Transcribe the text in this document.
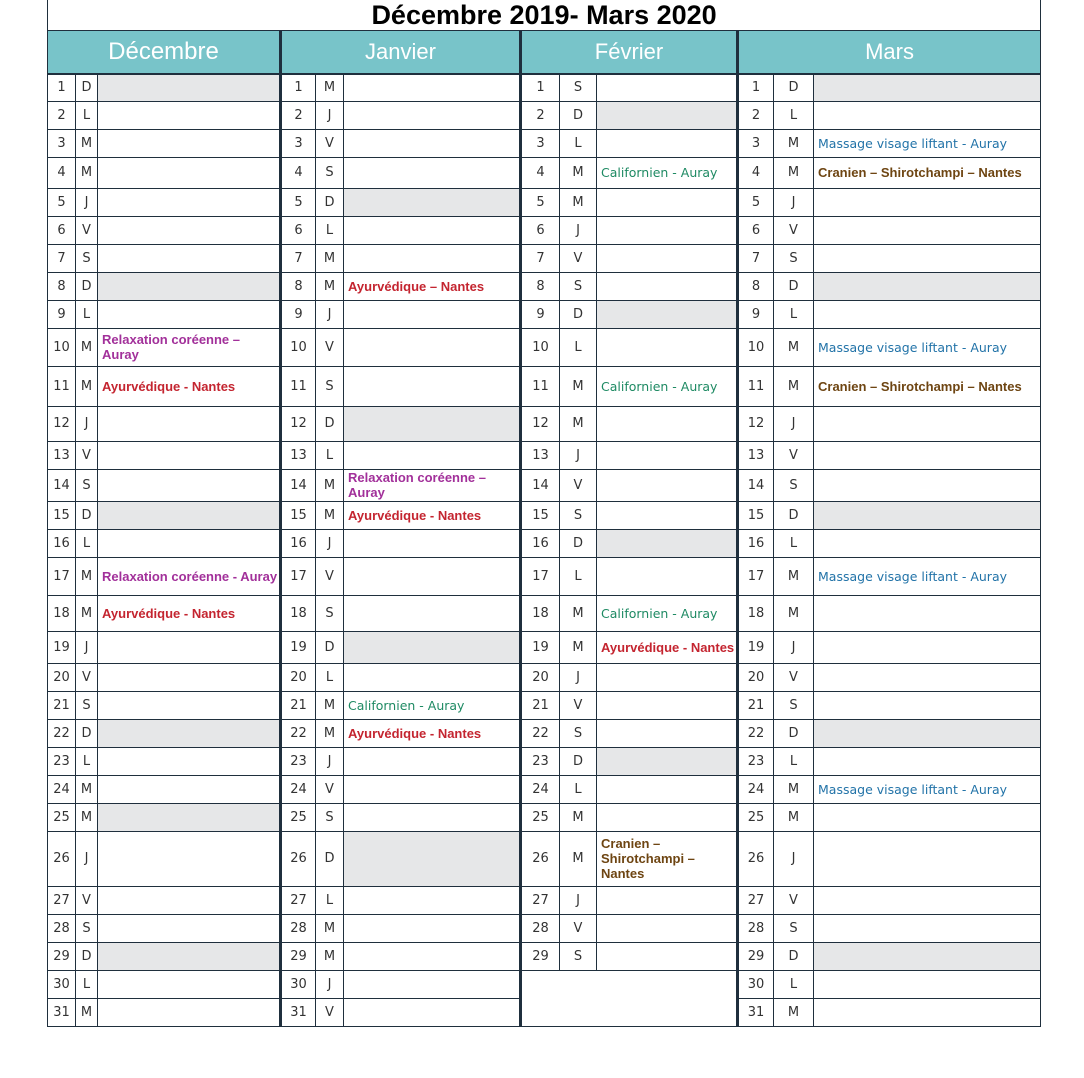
Décembre 2019- Mars 2020											
Décembre			Janvier			Février			Mars		
1	D		1	M		1	S		1	D	
2	L		2	J		2	D		2	L	
3	M		3	V		3	L		3	M	Massage visage liftant - Auray
4	M		4	S		4	M	Californien - Auray	4	M	Cranien – Shirotchampi – Nantes
5	J		5	D		5	M		5	J	
6	V		6	L		6	J		6	V	
7	S		7	M		7	V		7	S	
8	D		8	M	Ayurvédique – Nantes	8	S		8	D	
9	L		9	J		9	D		9	L	
10	M	Relaxation coréenne – Auray	10	V		10	L		10	M	Massage visage liftant - Auray
11	M	Ayurvédique - Nantes	11	S		11	M	Californien - Auray	11	M	Cranien – Shirotchampi – Nantes
12	J		12	D		12	M		12	J	
13	V		13	L		13	J		13	V	
14	S		14	M	Relaxation coréenne – Auray	14	V		14	S	
15	D		15	M	Ayurvédique - Nantes	15	S		15	D	
16	L		16	J		16	D		16	L	
17	M	Relaxation coréenne - Auray	17	V		17	L		17	M	Massage visage liftant - Auray
18	M	Ayurvédique - Nantes	18	S		18	M	Californien - Auray	18	M	
19	J		19	D		19	M	Ayurvédique - Nantes	19	J	
20	V		20	L		20	J		20	V	
21	S		21	M	Californien - Auray	21	V		21	S	
22	D		22	M	Ayurvédique - Nantes	22	S		22	D	
23	L		23	J		23	D		23	L	
24	M		24	V		24	L		24	M	Massage visage liftant - Auray
25	M		25	S		25	M		25	M	
26	J		26	D		26	M	Cranien – Shirotchampi – Nantes	26	J	
27	V		27	L		27	J		27	V	
28	S		28	M		28	V		28	S	
29	D		29	M		29	S		29	D	
30	L		30	J					30	L	
31	M		31	V					31	M	
